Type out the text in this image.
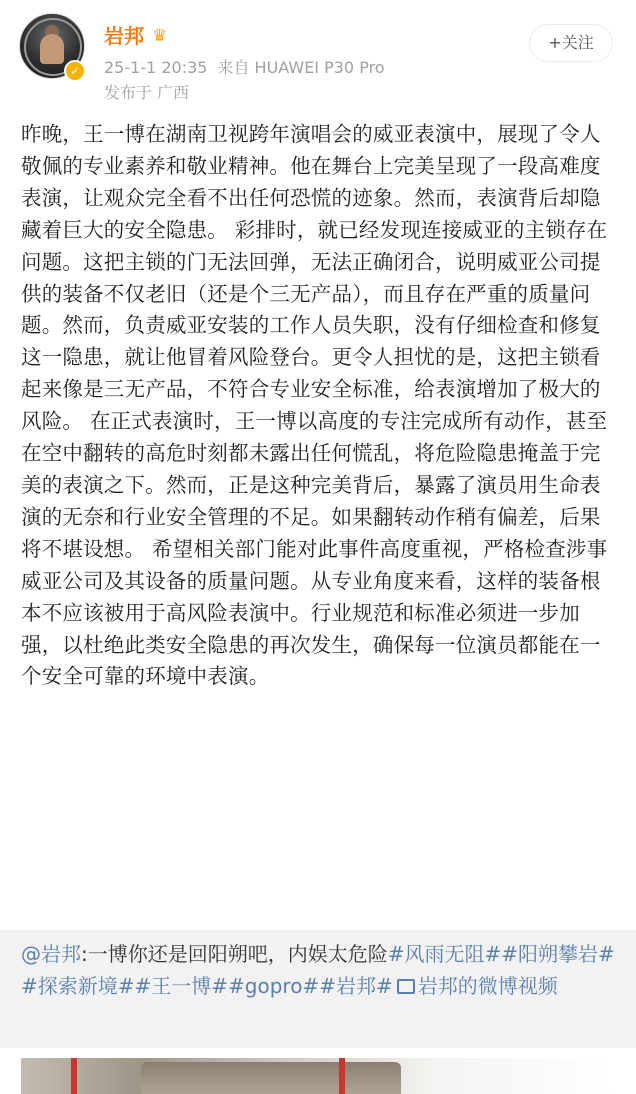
✓
岩邦 ♛
25-1-1 20:35 来自 HUAWEI P30 Pro
发布于 广西
+关注
昨晚，王一博在湖南卫视跨年演唱会的威亚表演中，展现了令人敬佩的专业素养和敬业精神。他在舞台上完美呈现了一段高难度表演，让观众完全看不出任何恐慌的迹象。然而，表演背后却隐藏着巨大的安全隐患。 彩排时，就已经发现连接威亚的主锁存在问题。这把主锁的门无法回弹，无法正确闭合，说明威亚公司提供的装备不仅老旧（还是个三无产品），而且存在严重的质量问题。然而，负责威亚安装的工作人员失职，没有仔细检查和修复这一隐患，就让他冒着风险登台。更令人担忧的是，这把主锁看起来像是三无产品，不符合专业安全标准，给表演增加了极大的风险。 在正式表演时，王一博以高度的专注完成所有动作，甚至在空中翻转的高危时刻都未露出任何慌乱，将危险隐患掩盖于完美的表演之下。然而，正是这种完美背后，暴露了演员用生命表演的无奈和行业安全管理的不足。如果翻转动作稍有偏差，后果将不堪设想。 希望相关部门能对此事件高度重视，严格检查涉事威亚公司及其设备的质量问题。从专业角度来看，这样的装备根本不应该被用于高风险表演中。行业规范和标准必须进一步加强，以杜绝此类安全隐患的再次发生，确保每一位演员都能在一个安全可靠的环境中表演。
@岩邦:一博你还是回阳朔吧，内娱太危险#风雨无阻##阳朔攀岩##探索新境##王一博##gopro##岩邦# 岩邦的微博视频
